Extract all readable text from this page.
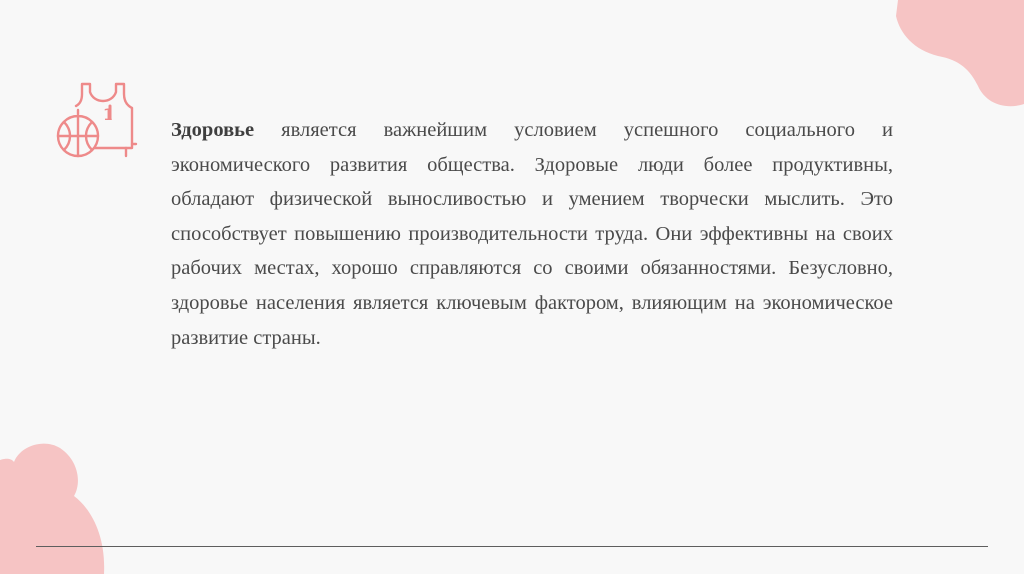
1

Здоровье является важнейшим условием успешного социального и экономического развития общества. Здоровые люди более продуктивны, обладают физической выносливостью и умением творчески мыслить. Это способствует повышению производительности труда. Они эффективны на своих рабочих местах, хорошо справляются со своими обязанностями. Безусловно, здоровье населения является ключевым фактором, влияющим на экономическое развитие страны.
